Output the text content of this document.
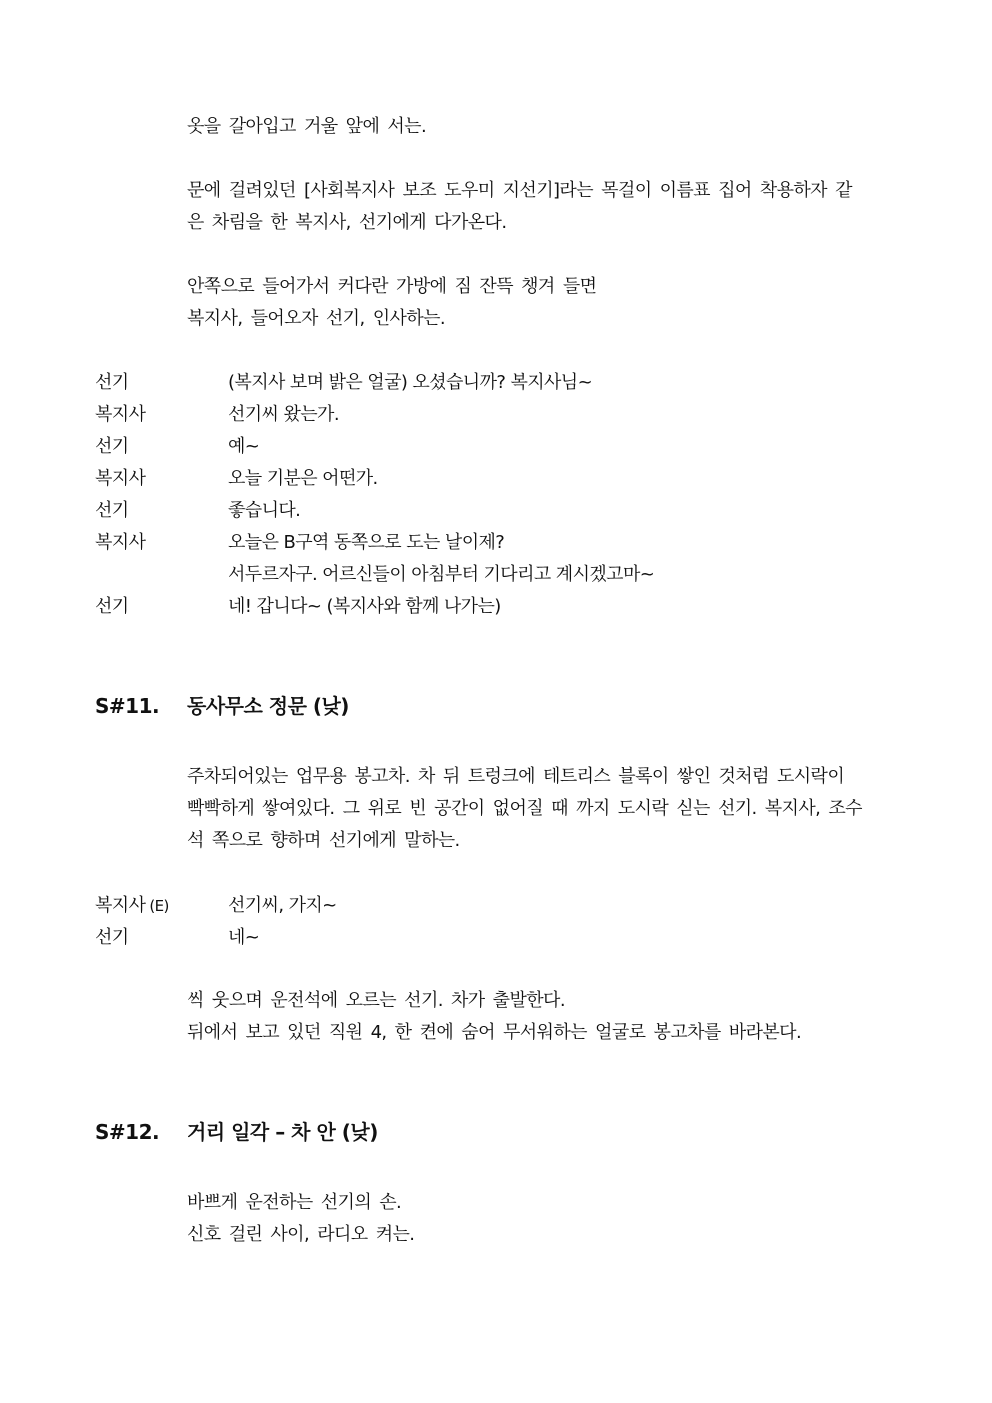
옷을 갈아입고 거울 앞에 서는.
문에 걸려있던 [사회복지사 보조 도우미 지선기]라는 목걸이 이름표 집어 착용하자 같
은 차림을 한 복지사, 선기에게 다가온다.
안쪽으로 들어가서 커다란 가방에 짐 잔뜩 챙겨 들면
복지사, 들어오자 선기, 인사하는.
선기	(복지사 보며 밝은 얼굴) 오셨습니까? 복지사님~
복지사	선기씨 왔는가.
선기	예~
복지사	오늘 기분은 어떤가.
선기	좋습니다.
복지사	오늘은 B구역 동쪽으로 도는 날이제?
서두르자구. 어르신들이 아침부터 기다리고 계시겠고마~
선기	네! 갑니다~ (복지사와 함께 나가는)
S#11. 동사무소 정문 (낮)
주차되어있는 업무용 봉고차. 차 뒤 트렁크에 테트리스 블록이 쌓인 것처럼 도시락이
빡빡하게 쌓여있다. 그 위로 빈 공간이 없어질 때 까지 도시락 싣는 선기. 복지사, 조수
석 쪽으로 향하며 선기에게 말하는.
복지사 (E)	선기씨, 가지~
선기	네~
씩 웃으며 운전석에 오르는 선기. 차가 출발한다.
뒤에서 보고 있던 직원 4, 한 켠에 숨어 무서워하는 얼굴로 봉고차를 바라본다.
S#12. 거리 일각 – 차 안 (낮)
바쁘게 운전하는 선기의 손.
신호 걸린 사이, 라디오 켜는.
